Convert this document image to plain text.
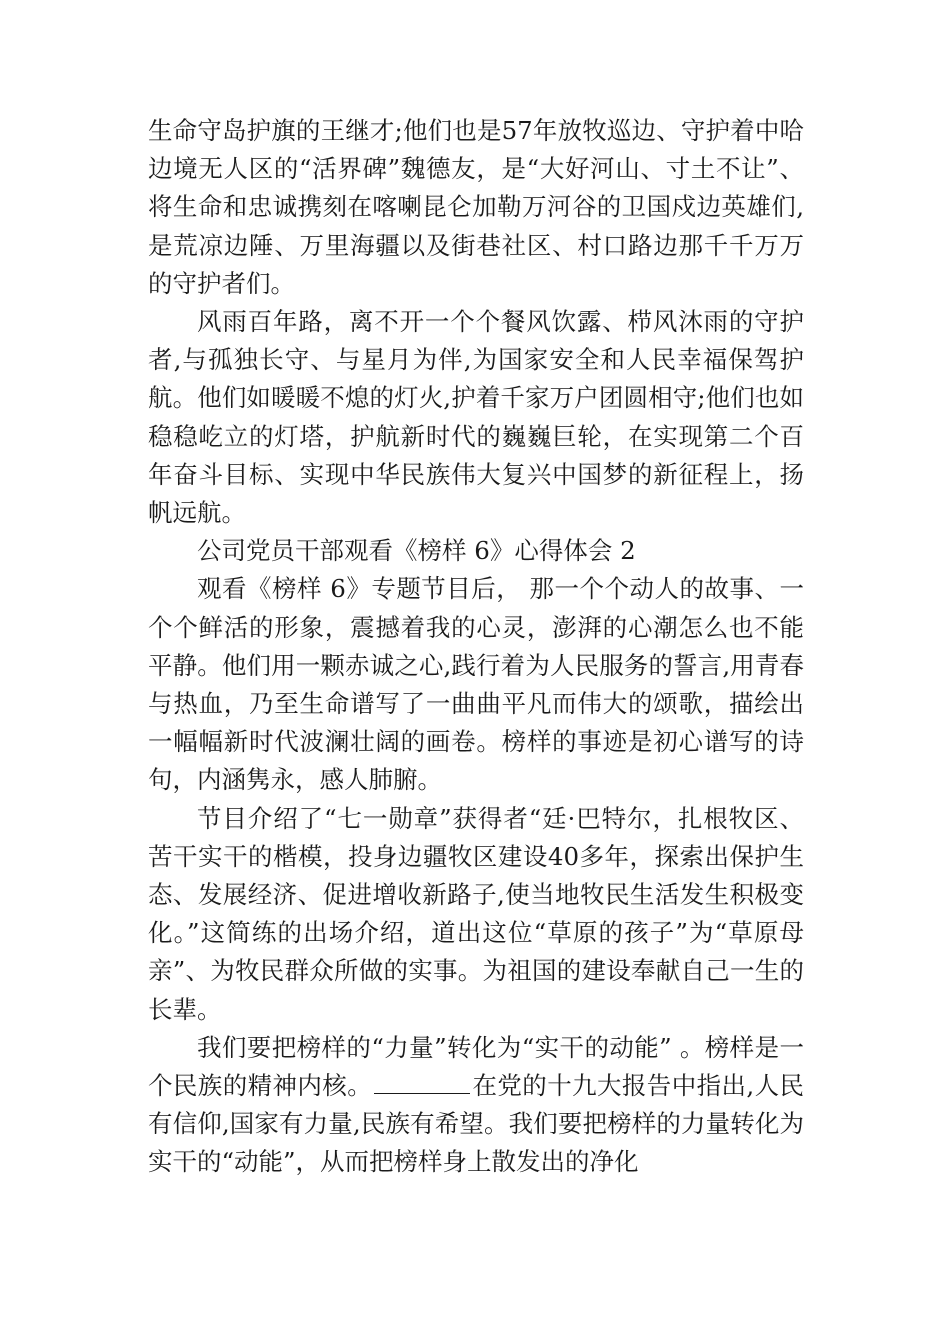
生命守岛护旗的王继才;他们也是57年放牧巡边、守护着中哈边境无人区的“活界碑”魏德友，是“大好河山、寸土不让”、将生命和忠诚携刻在喀喇昆仑加勒万河谷的卫国戍边英雄们,是荒凉边陲、万里海疆以及街巷社区、村口路边那千千万万的守护者们。

风雨百年路，离不开一个个餐风饮露、栉风沐雨的守护者,与孤独长守、与星月为伴,为国家安全和人民幸福保驾护航。他们如暖暖不熄的灯火,护着千家万户团圆相守;他们也如稳稳屹立的灯塔，护航新时代的巍巍巨轮，在实现第二个百年奋斗目标、实现中华民族伟大复兴中国梦的新征程上，扬帆远航。

公司党员干部观看《榜样 6》心得体会 2

观看《榜样 6》专题节目后， 那一个个动人的故事、一个个鲜活的形象，震撼着我的心灵，澎湃的心潮怎么也不能平静。他们用一颗赤诚之心,践行着为人民服务的誓言,用青春与热血，乃至生命谱写了一曲曲平凡而伟大的颂歌，描绘出一幅幅新时代波澜壮阔的画卷。榜样的事迹是初心谱写的诗句，内涵隽永，感人肺腑。

节目介绍了“七一勋章”获得者“廷·巴特尔，扎根牧区、苦干实干的楷模，投身边疆牧区建设40多年，探索出保护生态、发展经济、促进增收新路子,使当地牧民生活发生积极变化。”这简练的出场介绍，道出这位“草原的孩子”为“草原母亲”、为牧民群众所做的实事。为祖国的建设奉献自己一生的长辈。

我们要把榜样的“力量”转化为“实干的动能” 。榜样是一个民族的精神内核。	在党的十九大报告中指出,人民有信仰,国家有力量,民族有希望。我们要把榜样的力量转化为实干的“动能”，从而把榜样身上散发出的净化
